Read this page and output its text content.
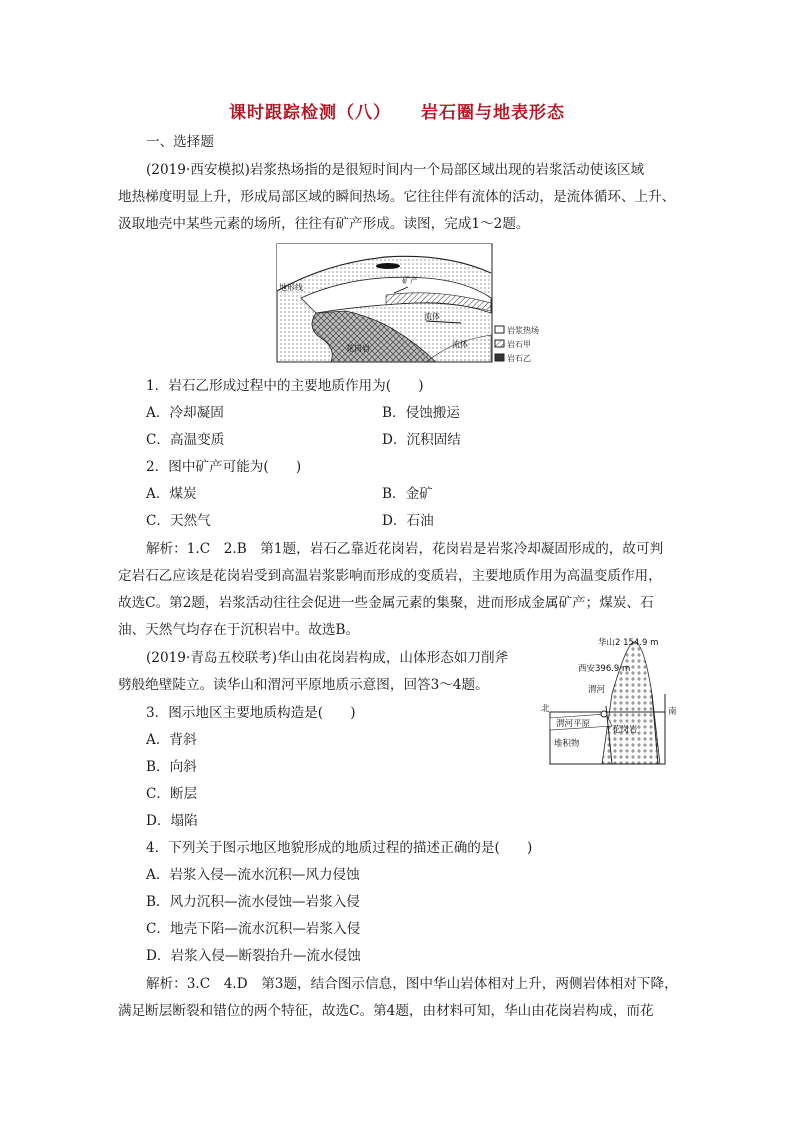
课时跟踪检测（八） 岩石圈与地表形态
一、选择题
(2019·西安模拟)岩浆热场指的是很短时间内一个局部区域出现的岩浆活动使该区域
地热梯度明显上升，形成局部区域的瞬间热场。它往往伴有流体的活动，是流体循环、上升、
汲取地壳中某些元素的场所，往往有矿产形成。读图，完成1～2题。
地形线
矿产
流体
花岗岩	流体
岩浆热场
岩石甲
岩石乙
1．岩石乙形成过程中的主要地质作用为(　　)
A．冷却凝固	B．侵蚀搬运
C．高温变质	D．沉积固结
2．图中矿产可能为(　　)
A．煤炭	B．金矿
C．天然气	D．石油
解析：1.C　2.B　第1题，岩石乙靠近花岗岩，花岗岩是岩浆冷却凝固形成的，故可判
定岩石乙应该是花岗岩受到高温岩浆影响而形成的变质岩，主要地质作用为高温变质作用，
故选C。第2题，岩浆活动往往会促进一些金属元素的集聚，进而形成金属矿产；煤炭、石
油、天然气均存在于沉积岩中。故选B。
(2019·青岛五校联考)华山由花岗岩构成，山体形态如刀削斧
劈般绝壁陡立。读华山和渭河平原地质示意图，回答3～4题。
华山2 154.9 m
西安396.9 m
渭河
北	南
渭河平原
花岗岩
堆积物
3．图示地区主要地质构造是(　　)
A．背斜
B．向斜
C．断层
D．塌陷
4．下列关于图示地区地貌形成的地质过程的描述正确的是(　　)
A．岩浆入侵—流水沉积—风力侵蚀
B．风力沉积—流水侵蚀—岩浆入侵
C．地壳下陷—流水沉积—岩浆入侵
D．岩浆入侵—断裂抬升—流水侵蚀
解析：3.C　4.D　第3题，结合图示信息，图中华山岩体相对上升，两侧岩体相对下降，
满足断层断裂和错位的两个特征，故选C。第4题，由材料可知，华山由花岗岩构成，而花
